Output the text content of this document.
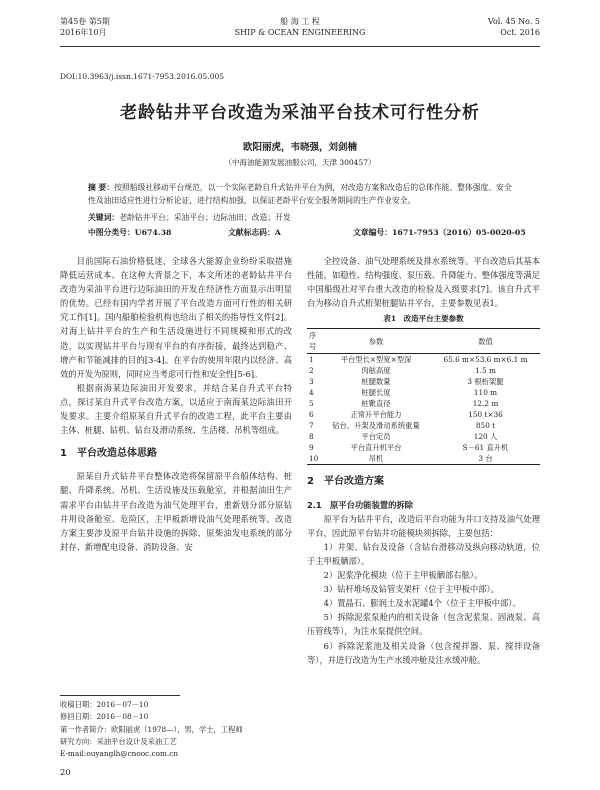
第45卷 第5期
2016年10月
船 海 工 程
SHIP & OCEAN ENGINEERING
Vol. 45 No. 5
Oct. 2016
DOI:10.3963/j.issn.1671-7953.2016.05.005
老龄钻井平台改造为采油平台技术可行性分析
欧阳丽虎，韦晓强，刘剑楠
（中海油能源发展油服公司，天津 300457）
摘 要：按照船级社移动平台规范，以一个实际老龄自升式钻井平台为例，对改造方案和改造后的总体作能、整体强度、安全性及油田适应性进行分析论证，进行结构加强，以保证老龄平台安全服务期间的生产作业安全。
关键词：老龄钻井平台；采油平台；边际油田；改造；开发
中图分类号：U674.38	文献标志码：A	文章编号：1671-7953（2016）05-0020-05

目前国际石油价格低迷，全球各大能源企业纷纷采取措施降低运营成本。在这种大背景之下，本文所述的老龄钻井平台改造为采油平台进行边际油田的开发在经济性方面显示出明显的优势。已经有国内学者开展了平台改造方面可行性的相关研究工作[1]。国内船舶检验机构也给出了相关的指导性文件[2]。对海上钻井平台的生产和生活设施进行不同规模和形式的改造，以实现钻井平台与现有平台的有序衔接，最终达到稳产、增产和节能减排的目的[3-4]。在平台的使用年限内以经济、高效的开发为原则，同时应当考虑可行性和安全性[5-6]。

根据南海某边际油田开发要求，并结合某自升式平台特点，探讨某自升式平台改造方案，以适应于南海某边际油田开发要求。主要介绍原某自升式平台的改造工程，此平台主要由主体、桩腿、钻机、钻台及滑动系统、生活楼、吊机等组成。

1　平台改造总体思路

原某自升式钻井平台整体改造将保留原平台船体结构、桩腿、升降系统、吊机、生活设施及压载舱室，并根据油田生产需求平台由钻井平台改造为油气处理平台，重新划分部分原钻井用设备舱室、危险区，主甲板新增设油气处理系统等。改造方案主要涉及原平台钻井设施的拆除、原柴油发电系统的部分封存、新增配电设备、消防设备、安

收稿日期：2016－07－10
修回日期：2016－08－10
第一作者简介：欧阳丽虎（1978—），男，学士，工程师
研究方向：采油平台设计及采油工艺
E-mail:ouyanglh@cnooc.com.cn

全控设备、油气处理系统及排水系统等。平台改造后其基本性能，如稳性、结构强度、泵压载、升降能力、整体强度等满足中国船级社对平台重大改造的检验及入级要求[7]。该自升式平台为移动自升式桁架桩腿钻井平台，主要参数见表1。

表1　改造平台主要参数
序号	参数	数值
1	平台型长×型宽×型深	65.6 m×53.6 m×6.1 m
2	肉舷高度	1.5 m
3	桩腿数量	3 根桁架腿
4	桩腿长度	110 m
5	桩靴直径	12.2 m
6	正常升平台能力	150 t×36
7	钻台、升架及滑动系统重量	850 t
8	平台定员	120 人
9	平台直升机平台	S－61 直升机
10	吊机	3 台
2　平台改造方案
2.1　原平台功能装置的拆除

原平台为钻井平台，改造后平台功能为井口支持及油气处理平台，因此原平台钻井功能模块须拆除，主要包括：

1）井架、钻台及设备（含钻台滑移动及纵向移动轨道，位于主甲板舾部）。

2）泥浆净化模块（位于主甲板舾部右舷）。

3）钻杆堆场及钻管支架杆（位于主甲板中部）。

4）置晶石、膨润土及水泥罐4个（位于主甲板中部）。

5）拆除泥浆泵舱内的相关设备（包含泥浆泵、固液泵、高压管线等），为注水泵提供空间。

6）拆除泥浆池及相关设备（包含搅拌器、泵、搅拌设备等），并进行改造为生产水缓冲舱及注水缓冲舱。

20
